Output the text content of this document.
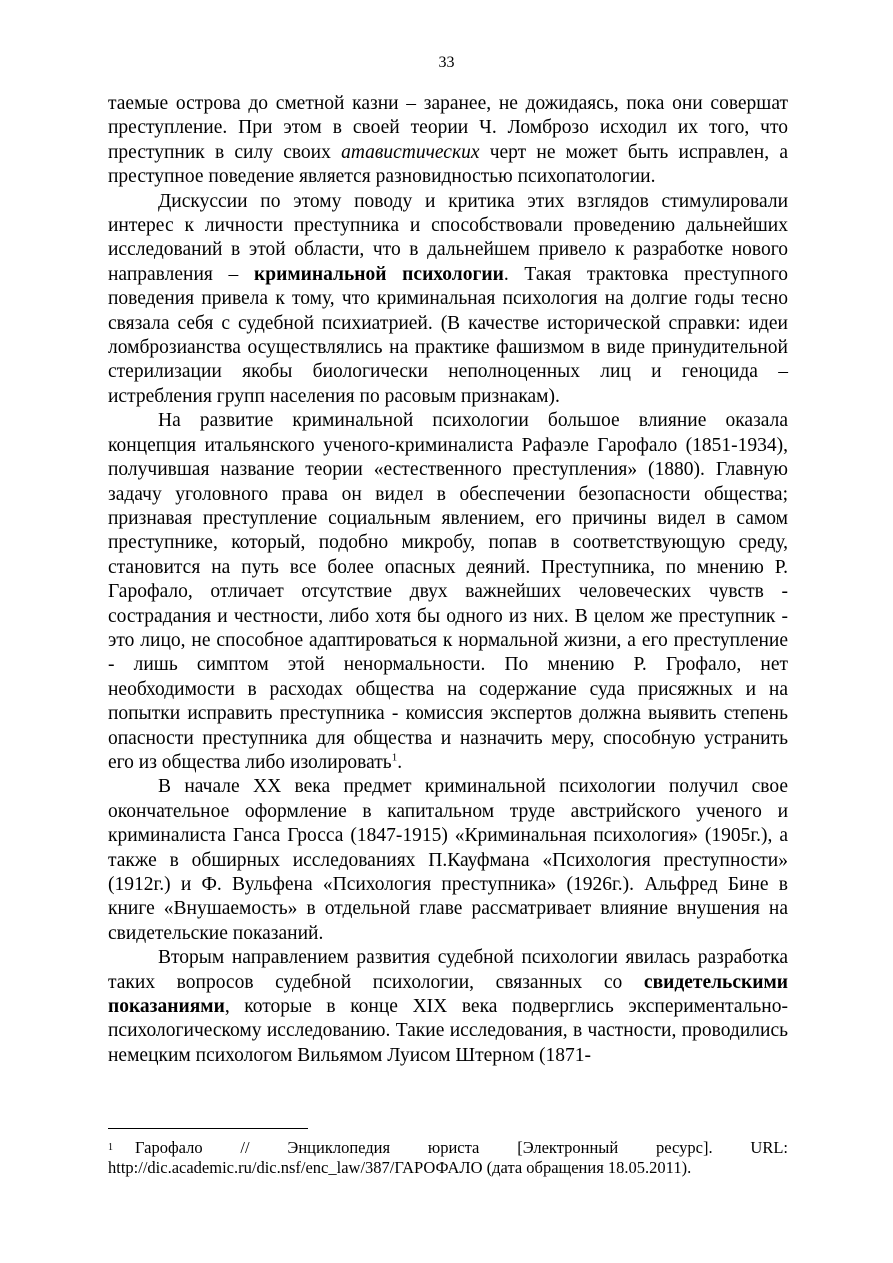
33

таемые острова до сметной казни – заранее, не дожидаясь, пока они совершат преступление. При этом в своей теории Ч. Ломброзо исходил их того, что преступник в силу своих атавистических черт не может быть исправлен, а преступное поведение является разновидностью психопатологии.

Дискуссии по этому поводу и критика этих взглядов стимулировали интерес к личности преступника и способствовали проведению дальнейших исследований в этой области, что в дальнейшем привело к разработке нового направления – криминальной психологии. Такая трактовка преступного поведения привела к тому, что криминальная психология на долгие годы тесно связала себя с судебной психиатрией. (В качестве исторической справки: идеи ломброзианства осуществлялись на практике фашизмом в виде принудительной стерилизации якобы биологически неполноценных лиц и геноцида – истребления групп населения по расовым признакам).

На развитие криминальной психологии большое влияние оказала концепция итальянского ученого-криминалиста Рафаэле Гарофало (1851-1934), получившая название теории «естественного преступления» (1880). Главную задачу уголовного права он видел в обеспечении безопасности общества; признавая преступление социальным явлением, его причины видел в самом преступнике, который, подобно микробу, попав в соответствующую среду, становится на путь все более опасных деяний. Преступника, по мнению Р. Гарофало, отличает отсутствие двух важнейших человеческих чувств - сострадания и честности, либо хотя бы одного из них. В целом же преступник - это лицо, не способное адаптироваться к нормальной жизни, а его преступление - лишь симптом этой ненормальности. По мнению Р. Грофало, нет необходимости в расходах общества на содержание суда присяжных и на попытки исправить преступника - комиссия экспертов должна выявить степень опасности преступника для общества и назначить меру, способную устранить его из общества либо изолировать$^1$.

В начале XX века предмет криминальной психологии получил свое окончательное оформление в капитальном труде австрийского ученого и криминалиста Ганса Гросса (1847-1915) «Криминальная психология» (1905г.), а также в обширных исследованиях П.Кауфмана «Психология преступности» (1912г.) и Ф. Вульфена «Психология преступника» (1926г.). Альфред Бине в книге «Внушаемость» в отдельной главе рассматривает влияние внушения на свидетельские показаний.

Вторым направлением развития судебной психологии явилась разработка таких вопросов судебной психологии, связанных со свидетельскими показаниями, которые в конце XIX века подверглись экспериментально-психологическому исследованию. Такие исследования, в частности, проводились немецким психологом Вильямом Луисом Штерном (1871-

$^1$ Гарофало // Энциклопедия юриста [Электронный ресурс]. URL: http://dic.academic.ru/dic.nsf/enc_law/387/ГАРОФАЛО (дата обращения 18.05.2011).
